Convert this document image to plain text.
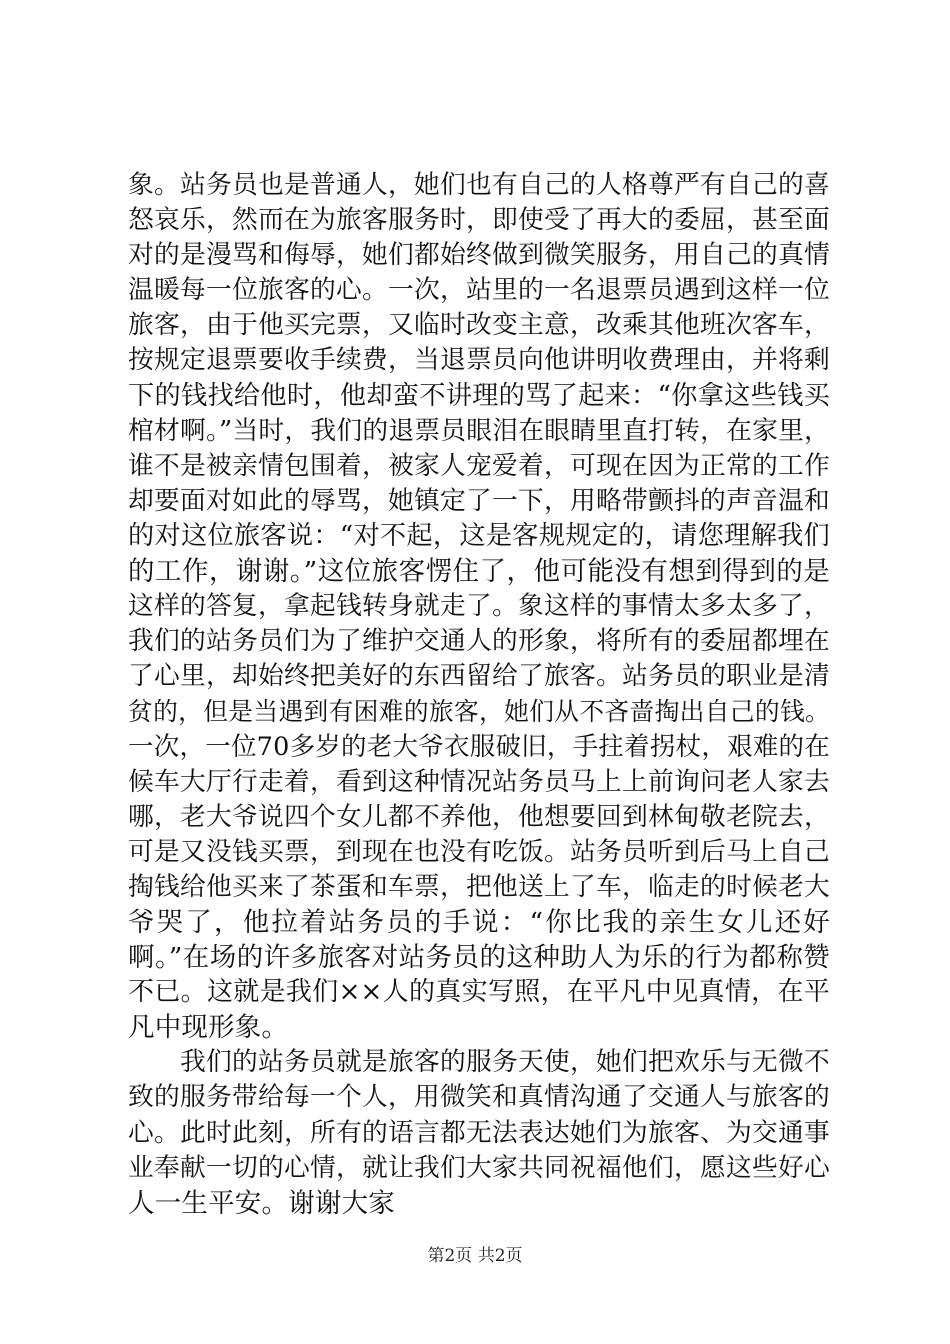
象。站务员也是普通人，她们也有自己的人格尊严有自己的喜
怒哀乐，然而在为旅客服务时，即使受了再大的委屈，甚至面
对的是漫骂和侮辱，她们都始终做到微笑服务，用自己的真情
温暖每一位旅客的心。一次，站里的一名退票员遇到这样一位
旅客，由于他买完票，又临时改变主意，改乘其他班次客车，
按规定退票要收手续费，当退票员向他讲明收费理由，并将剩
下的钱找给他时，他却蛮不讲理的骂了起来：“你拿这些钱买
棺材啊。”当时，我们的退票员眼泪在眼睛里直打转，在家里，
谁不是被亲情包围着，被家人宠爱着，可现在因为正常的工作
却要面对如此的辱骂，她镇定了一下，用略带颤抖的声音温和
的对这位旅客说：“对不起，这是客规规定的，请您理解我们
的工作，谢谢。”这位旅客愣住了，他可能没有想到得到的是
这样的答复，拿起钱转身就走了。象这样的事情太多太多了，
我们的站务员们为了维护交通人的形象，将所有的委屈都埋在
了心里，却始终把美好的东西留给了旅客。站务员的职业是清
贫的，但是当遇到有困难的旅客，她们从不吝啬掏出自己的钱。
一次，一位70多岁的老大爷衣服破旧，手拄着拐杖，艰难的在
候车大厅行走着，看到这种情况站务员马上上前询问老人家去
哪，老大爷说四个女儿都不养他，他想要回到林甸敬老院去，
可是又没钱买票，到现在也没有吃饭。站务员听到后马上自己
掏钱给他买来了茶蛋和车票，把他送上了车，临走的时候老大
爷哭了，他拉着站务员的手说：“你比我的亲生女儿还好
啊。”在场的许多旅客对站务员的这种助人为乐的行为都称赞
不已。这就是我们××人的真实写照，在平凡中见真情，在平
凡中现形象。
我们的站务员就是旅客的服务天使，她们把欢乐与无微不
致的服务带给每一个人，用微笑和真情沟通了交通人与旅客的
心。此时此刻，所有的语言都无法表达她们为旅客、为交通事
业奉献一切的心情，就让我们大家共同祝福他们，愿这些好心
人一生平安。谢谢大家
第2页 共2页
